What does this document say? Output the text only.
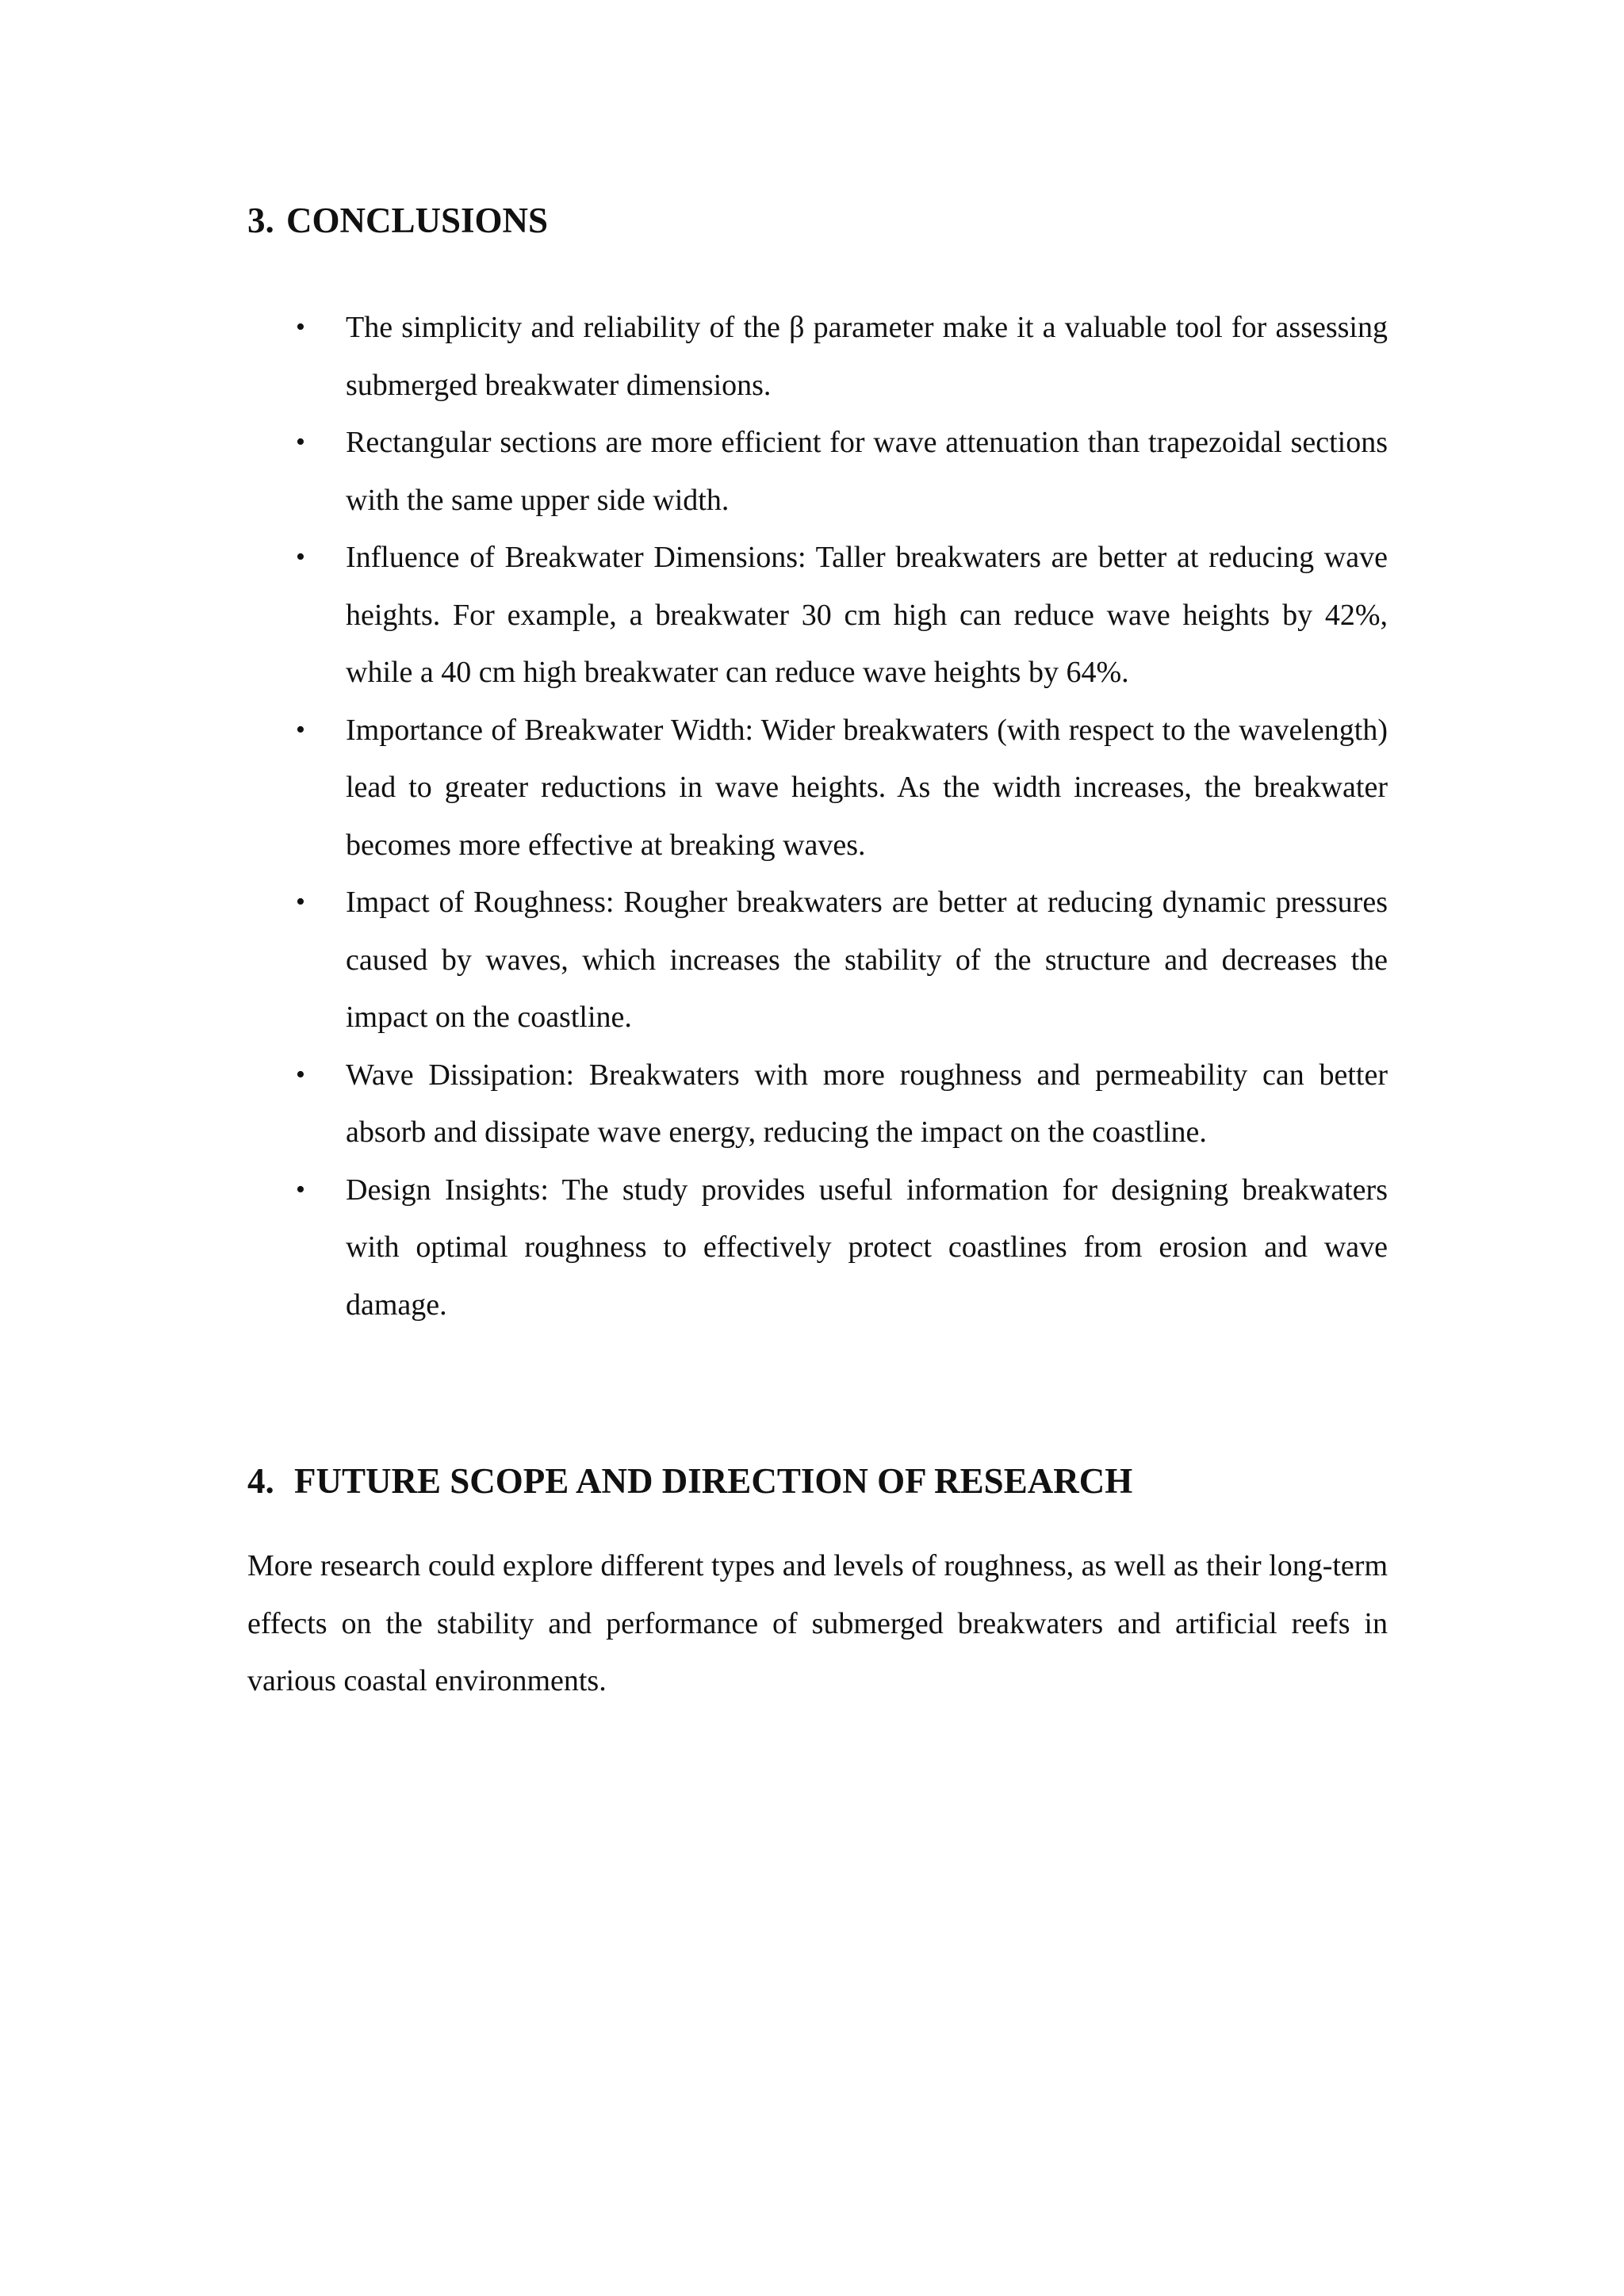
3. CONCLUSIONS
• The simplicity and reliability of the β parameter make it a valuable tool for assessing submerged breakwater dimensions.
• Rectangular sections are more efficient for wave attenuation than trapezoidal sections with the same upper side width.
• Influence of Breakwater Dimensions: Taller breakwaters are better at reducing wave heights. For example, a breakwater 30 cm high can reduce wave heights by 42%, while a 40 cm high breakwater can reduce wave heights by 64%.
• Importance of Breakwater Width: Wider breakwaters (with respect to the wavelength) lead to greater reductions in wave heights. As the width increases, the breakwater becomes more effective at breaking waves.
• Impact of Roughness: Rougher breakwaters are better at reducing dynamic pressures caused by waves, which increases the stability of the structure and decreases the impact on the coastline.
• Wave Dissipation: Breakwaters with more roughness and permeability can better absorb and dissipate wave energy, reducing the impact on the coastline.
• Design Insights: The study provides useful information for designing breakwaters with optimal roughness to effectively protect coastlines from erosion and wave damage.
4. FUTURE SCOPE AND DIRECTION OF RESEARCH

More research could explore different types and levels of roughness, as well as their long-term effects on the stability and performance of submerged breakwaters and artificial reefs in various coastal environments.
